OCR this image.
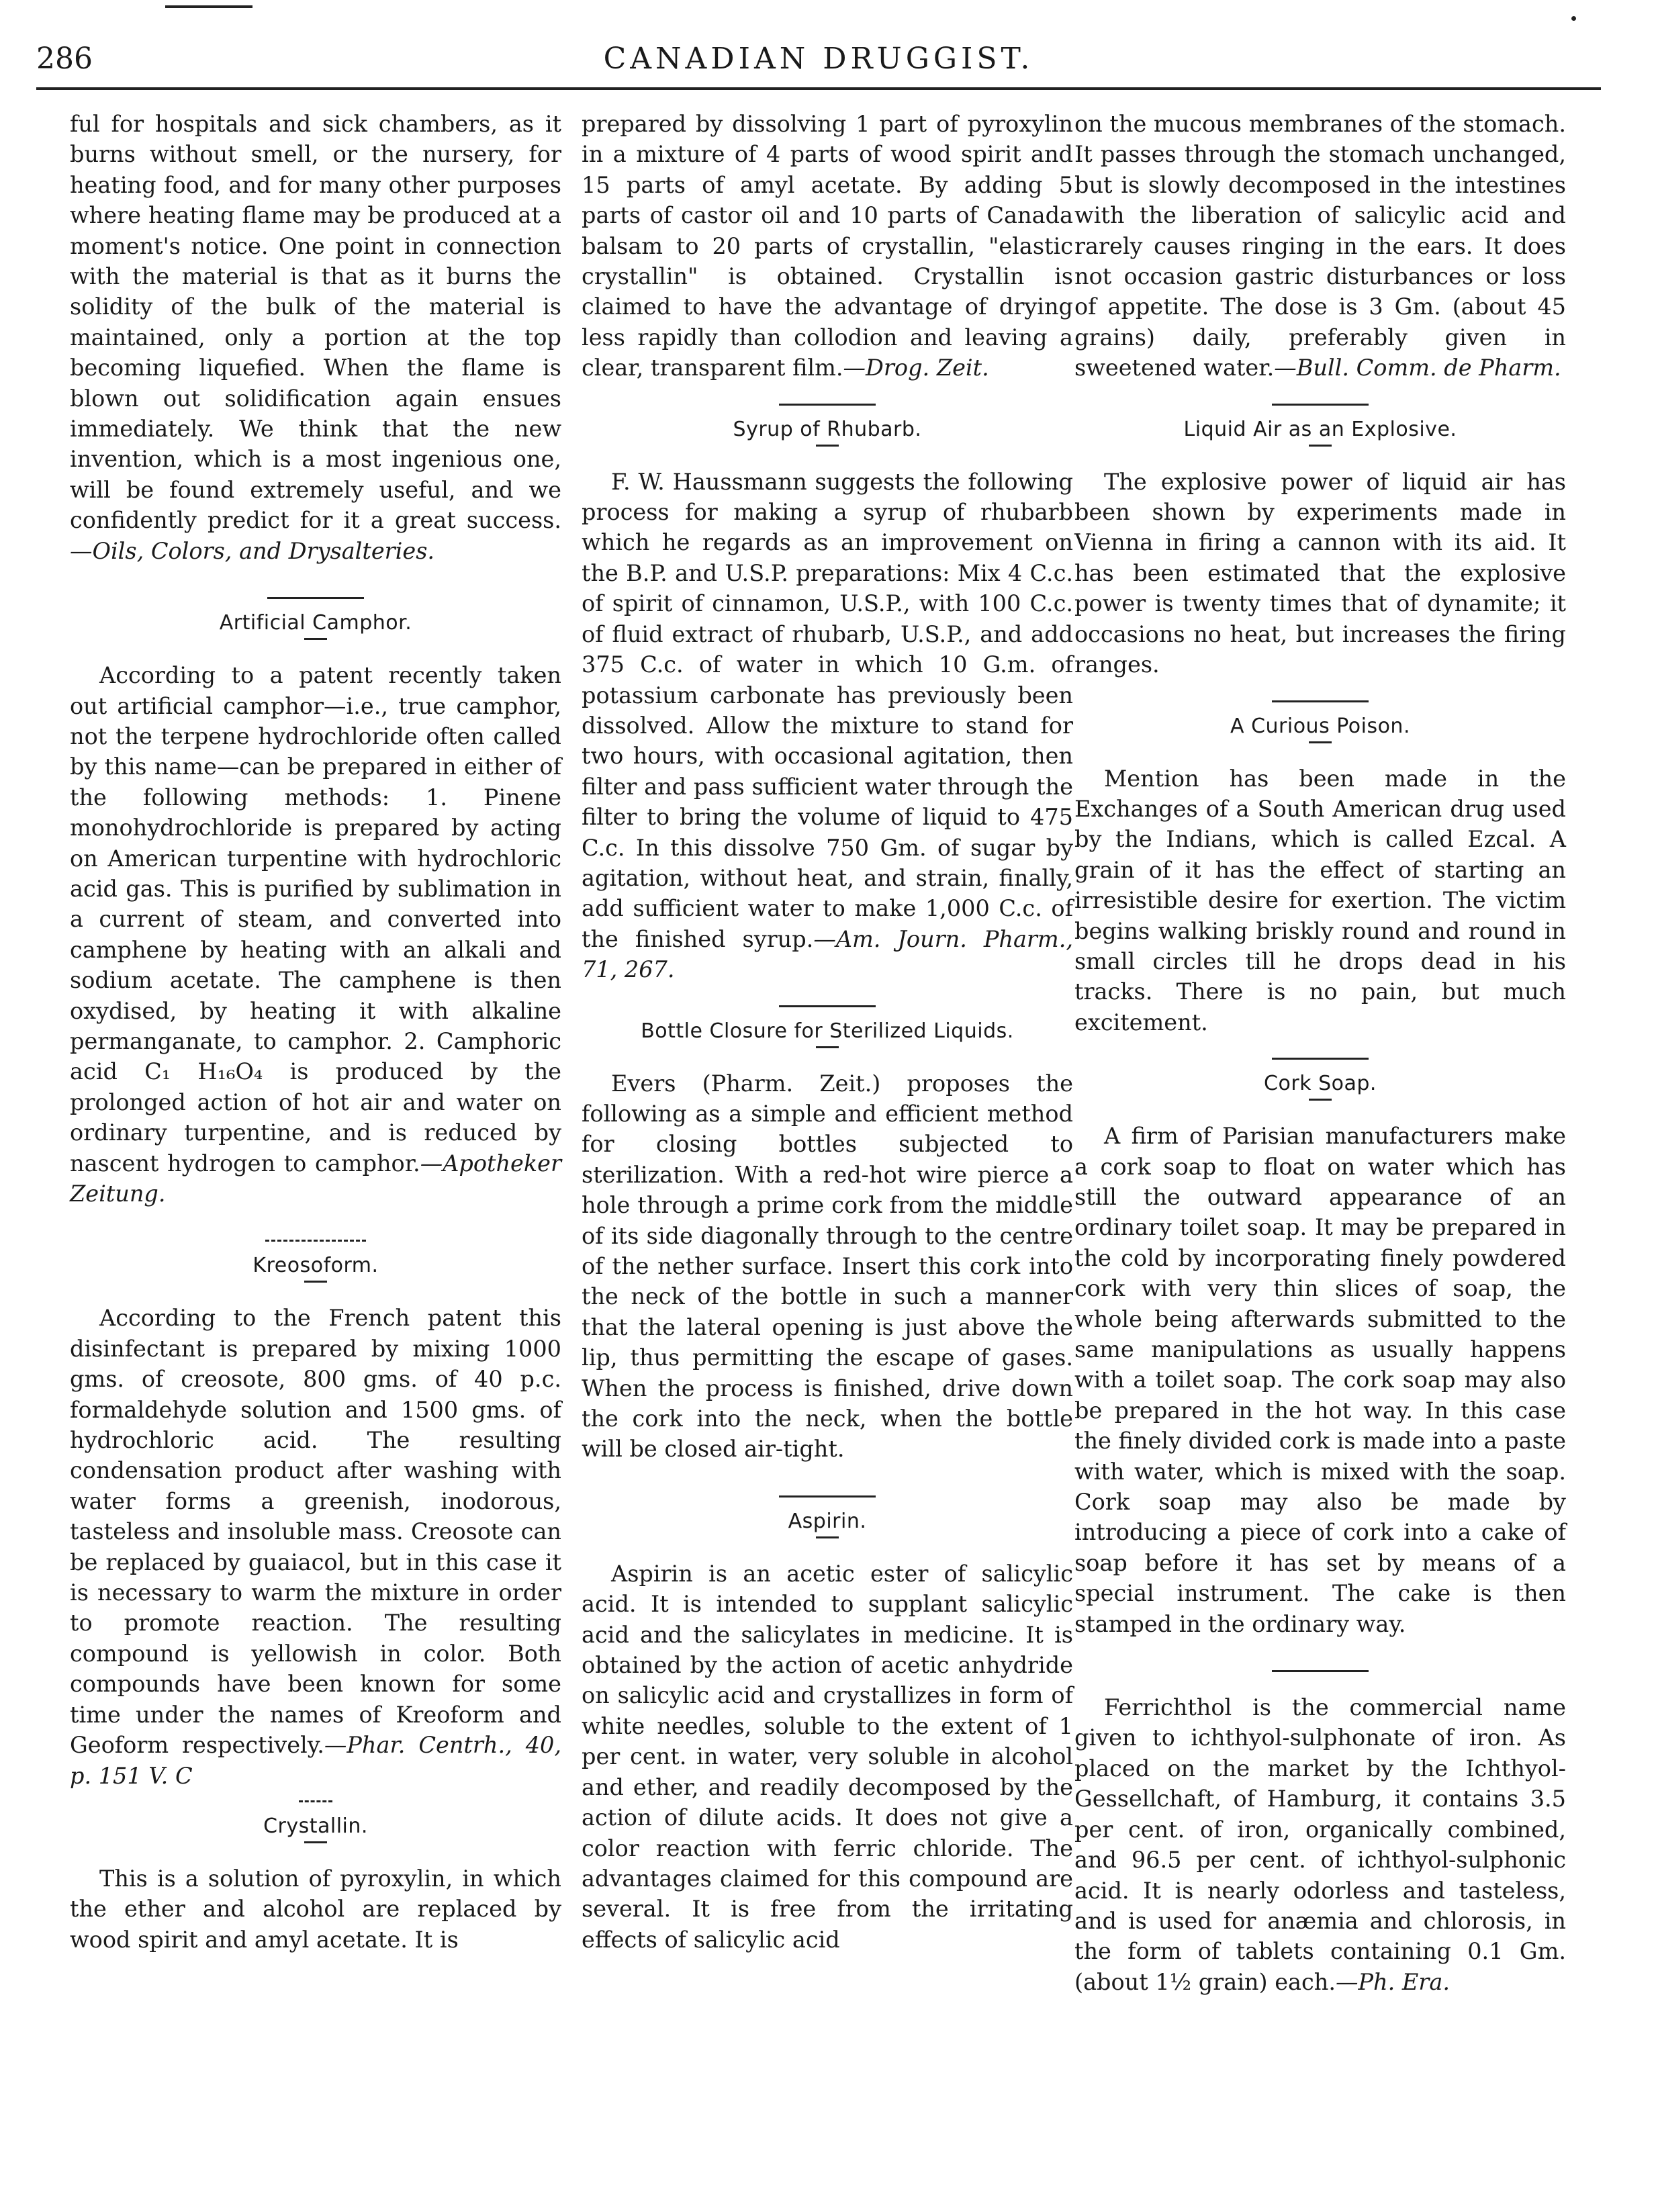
286	CANADIAN DRUGGIST.

ful for hospitals and sick chambers, as it burns without smell, or the nursery, for heating food, and for many other purposes where heating flame may be produced at a moment's notice. One point in connection with the material is that as it burns the solidity of the bulk of the material is maintained, only a portion at the top becoming liquefied. When the flame is blown out solidification again ensues immediately. We think that the new invention, which is a most ingenious one, will be found extremely useful, and we confidently predict for it a great success.—Oils, Colors, and Drysalteries.

Artificial Camphor.

According to a patent recently taken out artificial camphor—i.e., true camphor, not the terpene hydrochloride often called by this name—can be prepared in either of the following methods: 1. Pinene monohydrochloride is prepared by acting on American turpentine with hydrochloric acid gas. This is purified by sublimation in a current of steam, and converted into camphene by heating with an alkali and sodium acetate. The camphene is then oxydised, by heating it with alkaline permanganate, to camphor. 2. Camphoric acid C₁ H₁₆O₄ is produced by the prolonged action of hot air and water on ordinary turpentine, and is reduced by nascent hydrogen to camphor.—Apotheker Zeitung.

Kreosoform.

According to the French patent this disinfectant is prepared by mixing 1000 gms. of creosote, 800 gms. of 40 p.c. formaldehyde solution and 1500 gms. of hydrochloric acid. The resulting condensation product after washing with water forms a greenish, inodorous, tasteless and insoluble mass. Creosote can be replaced by guaiacol, but in this case it is necessary to warm the mixture in order to promote reaction. The resulting compound is yellowish in color. Both compounds have been known for some time under the names of Kreoform and Geoform respectively.—Phar. Centrh., 40, p. 151 V. C

Crystallin.

This is a solution of pyroxylin, in which the ether and alcohol are replaced by wood spirit and amyl acetate. It is

prepared by dissolving 1 part of pyroxylin in a mixture of 4 parts of wood spirit and 15 parts of amyl acetate. By adding 5 parts of castor oil and 10 parts of Canada balsam to 20 parts of crystallin, "elastic crystallin" is obtained. Crystallin is claimed to have the advantage of drying less rapidly than collodion and leaving a clear, transparent film.—Drog. Zeit.

Syrup of Rhubarb.

F. W. Haussmann suggests the following process for making a syrup of rhubarb which he regards as an improvement on the B.P. and U.S.P. preparations: Mix 4 C.c. of spirit of cinnamon, U.S.P., with 100 C.c. of fluid extract of rhubarb, U.S.P., and add 375 C.c. of water in which 10 G.m. of potassium carbonate has previously been dissolved. Allow the mixture to stand for two hours, with occasional agitation, then filter and pass sufficient water through the filter to bring the volume of liquid to 475 C.c. In this dissolve 750 Gm. of sugar by agitation, without heat, and strain, finally, add sufficient water to make 1,000 C.c. of the finished syrup.—Am. Journ. Pharm., 71, 267.

Bottle Closure for Sterilized Liquids.

Evers (Pharm. Zeit.) proposes the following as a simple and efficient method for closing bottles subjected to sterilization. With a red-hot wire pierce a hole through a prime cork from the middle of its side diagonally through to the centre of the nether surface. Insert this cork into the neck of the bottle in such a manner that the lateral opening is just above the lip, thus permitting the escape of gases. When the process is finished, drive down the cork into the neck, when the bottle will be closed air-tight.

Aspirin.

Aspirin is an acetic ester of salicylic acid. It is intended to supplant salicylic acid and the salicylates in medicine. It is obtained by the action of acetic anhydride on salicylic acid and crystallizes in form of white needles, soluble to the extent of 1 per cent. in water, very soluble in alcohol and ether, and readily decomposed by the action of dilute acids. It does not give a color reaction with ferric chloride. The advantages claimed for this compound are several. It is free from the irritating effects of salicylic acid

on the mucous membranes of the stomach. It passes through the stomach unchanged, but is slowly decomposed in the intestines with the liberation of salicylic acid and rarely causes ringing in the ears. It does not occasion gastric disturbances or loss of appetite. The dose is 3 Gm. (about 45 grains) daily, preferably given in sweetened water.—Bull. Comm. de Pharm.

Liquid Air as an Explosive.

The explosive power of liquid air has been shown by experiments made in Vienna in firing a cannon with its aid. It has been estimated that the explosive power is twenty times that of dynamite; it occasions no heat, but increases the firing ranges.

A Curious Poison.

Mention has been made in the Exchanges of a South American drug used by the Indians, which is called Ezcal. A grain of it has the effect of starting an irresistible desire for exertion. The victim begins walking briskly round and round in small circles till he drops dead in his tracks. There is no pain, but much excitement.

Cork Soap.

A firm of Parisian manufacturers make a cork soap to float on water which has still the outward appearance of an ordinary toilet soap. It may be prepared in the cold by incorporating finely powdered cork with very thin slices of soap, the whole being afterwards submitted to the same manipulations as usually happens with a toilet soap. The cork soap may also be prepared in the hot way. In this case the finely divided cork is made into a paste with water, which is mixed with the soap. Cork soap may also be made by introducing a piece of cork into a cake of soap before it has set by means of a special instrument. The cake is then stamped in the ordinary way.

Ferrichthol is the commercial name given to ichthyol-sulphonate of iron. As placed on the market by the Ichthyol-Gessellchaft, of Hamburg, it contains 3.5 per cent. of iron, organically combined, and 96.5 per cent. of ichthyol-sulphonic acid. It is nearly odorless and tasteless, and is used for anæmia and chlorosis, in the form of tablets containing 0.1 Gm. (about 1½ grain) each.—Ph. Era.
